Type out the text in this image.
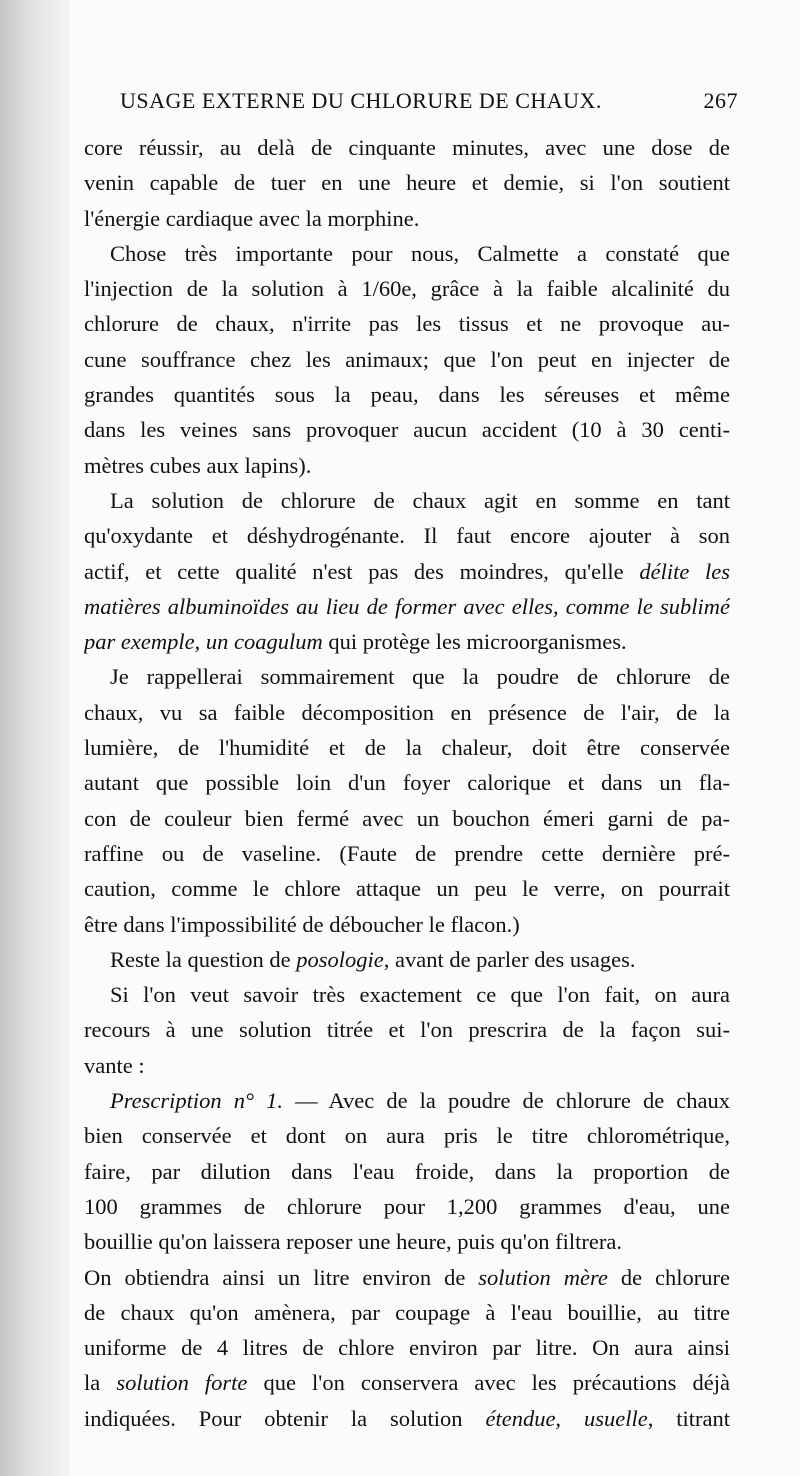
USAGE EXTERNE DU CHLORURE DE CHAUX.	267
core réussir, au delà de cinquante minutes, avec une dose de
venin capable de tuer en une heure et demie, si l'on soutient
l'énergie cardiaque avec la morphine.
Chose très importante pour nous, Calmette a constaté que
l'injection de la solution à 1/60e, grâce à la faible alcalinité du
chlorure de chaux, n'irrite pas les tissus et ne provoque au-
cune souffrance chez les animaux; que l'on peut en injecter de
grandes quantités sous la peau, dans les séreuses et même
dans les veines sans provoquer aucun accident (10 à 30 centi-
mètres cubes aux lapins).
La solution de chlorure de chaux agit en somme en tant
qu'oxydante et déshydrogénante. Il faut encore ajouter à son
actif, et cette qualité n'est pas des moindres, qu'elle délite les
matières albuminoïdes au lieu de former avec elles, comme le sublimé
par exemple, un coagulum qui protège les microorganismes.
Je rappellerai sommairement que la poudre de chlorure de
chaux, vu sa faible décomposition en présence de l'air, de la
lumière, de l'humidité et de la chaleur, doit être conservée
autant que possible loin d'un foyer calorique et dans un fla-
con de couleur bien fermé avec un bouchon émeri garni de pa-
raffine ou de vaseline. (Faute de prendre cette dernière pré-
caution, comme le chlore attaque un peu le verre, on pourrait
être dans l'impossibilité de déboucher le flacon.)
Reste la question de posologie, avant de parler des usages.
Si l'on veut savoir très exactement ce que l'on fait, on aura
recours à une solution titrée et l'on prescrira de la façon sui-
vante :
Prescription n° 1. — Avec de la poudre de chlorure de chaux
bien conservée et dont on aura pris le titre chlorométrique,
faire, par dilution dans l'eau froide, dans la proportion de
100 grammes de chlorure pour 1,200 grammes d'eau, une
bouillie qu'on laissera reposer une heure, puis qu'on filtrera.
On obtiendra ainsi un litre environ de solution mère de chlorure
de chaux qu'on amènera, par coupage à l'eau bouillie, au titre
uniforme de 4 litres de chlore environ par litre. On aura ainsi
la solution forte que l'on conservera avec les précautions déjà
indiquées. Pour obtenir la solution étendue, usuelle, titrant
